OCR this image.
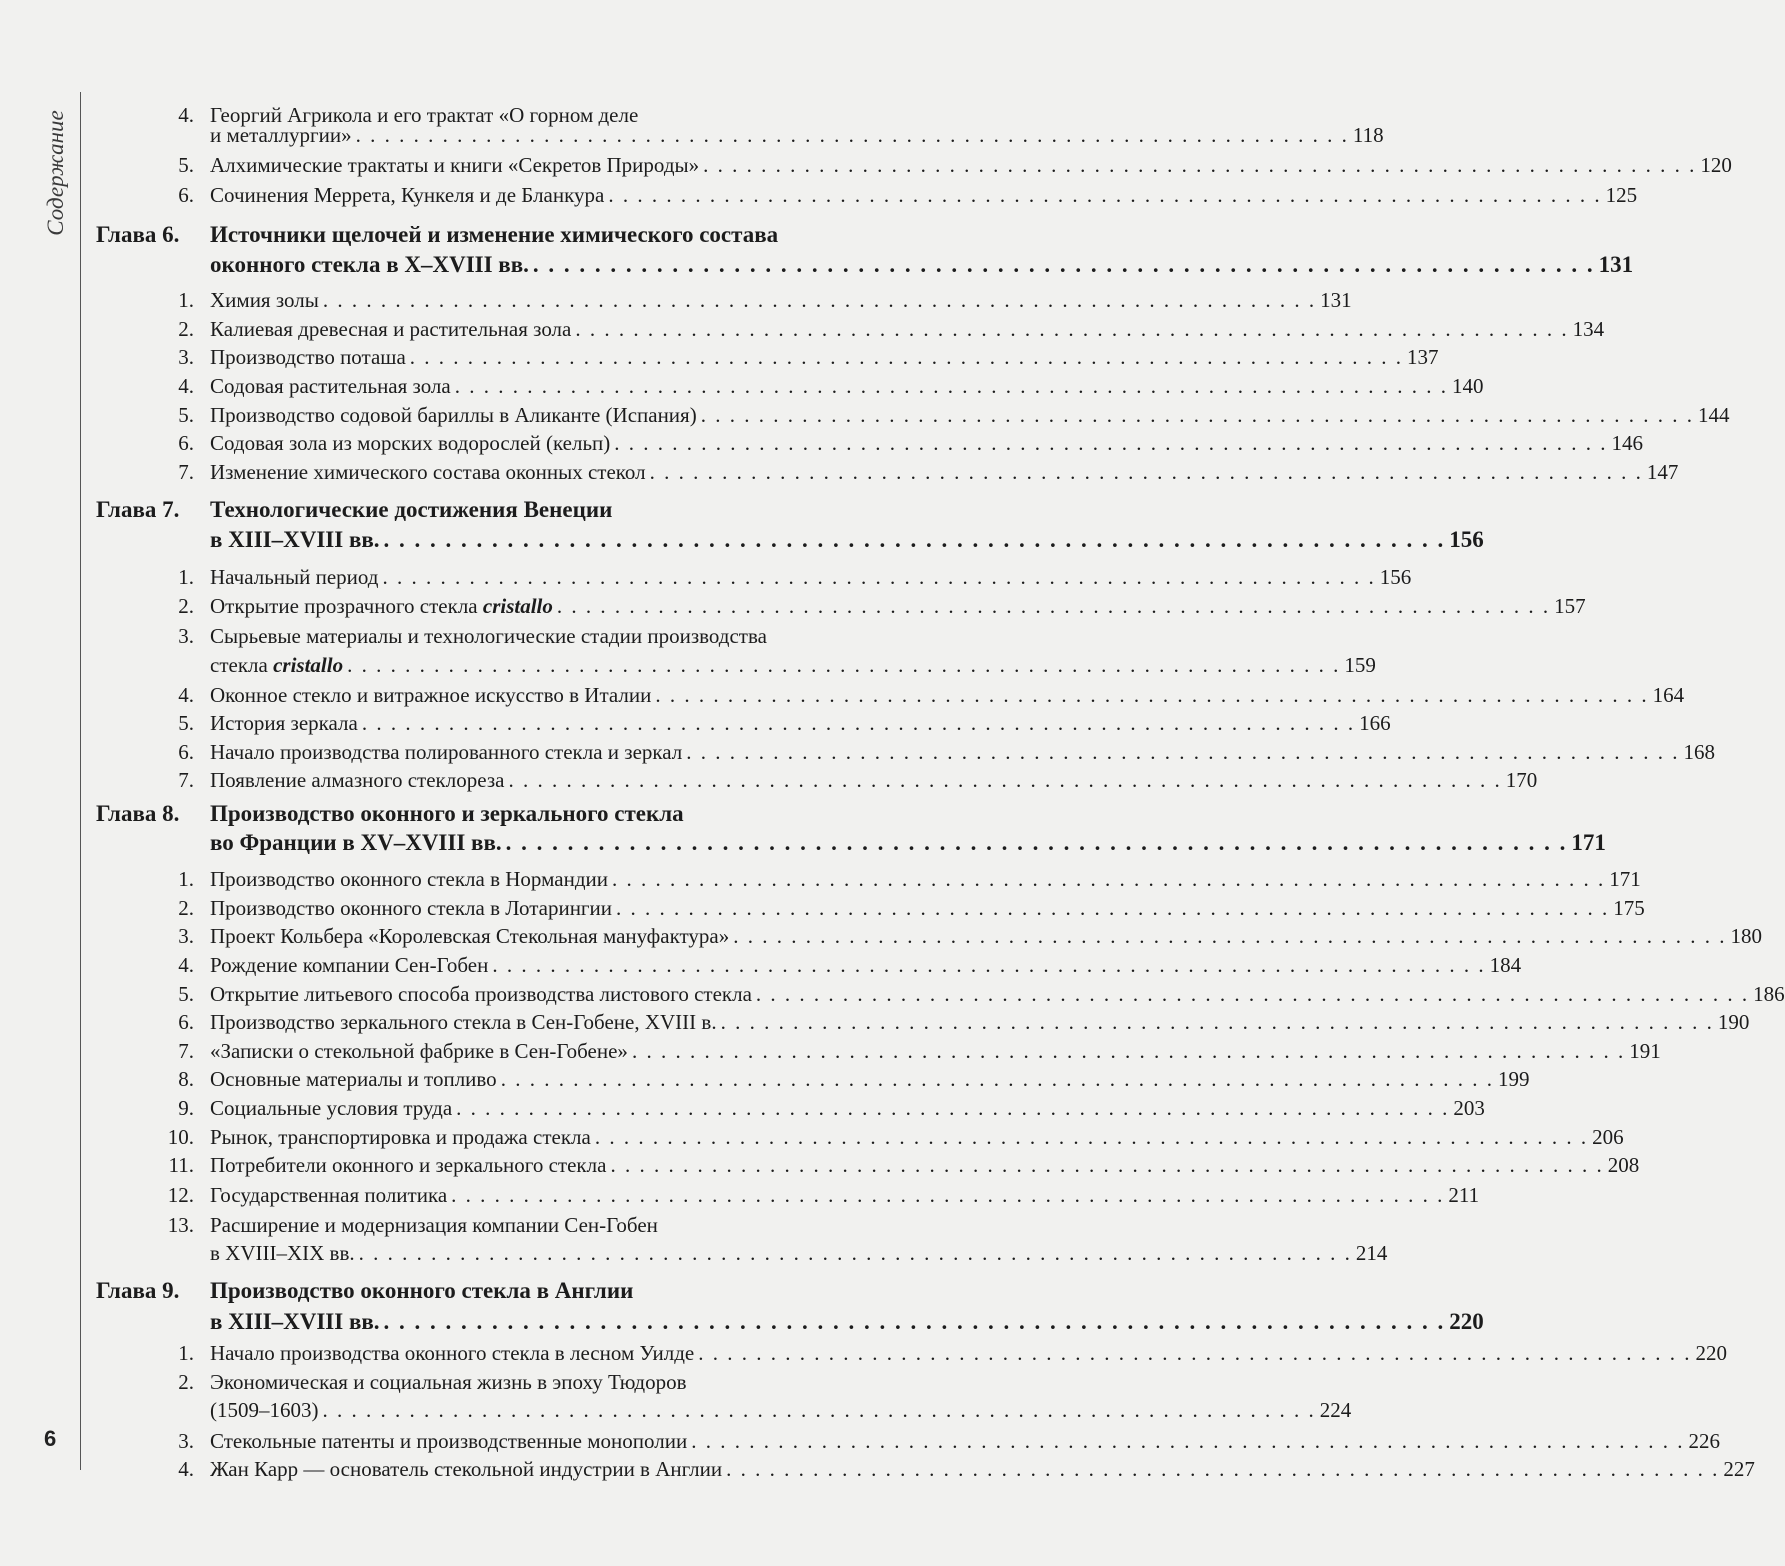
Содержание
6
4. Георгий Агрикола и его трактат «О горном деле
и металлургии» . . . . . . . . . . . . . . . . . . . . . . . . . . . . . . . . . . . . . . . . . . . . . . . . . . . . . . . . . . . . . . . . . . . . . 118
5. Алхимические трактаты и книги «Секретов Природы» . . . . . . . . . . . . . . . . . . . . . . . . . . . . . . . . . . . . . . . . . . . . . . . . . . . . . . . . . . . . . . . . . . . . . 120
6. Сочинения Меррета, Кункеля и де Бланкура . . . . . . . . . . . . . . . . . . . . . . . . . . . . . . . . . . . . . . . . . . . . . . . . . . . . . . . . . . . . . . . . . . . . . 125
Глава 6. Источники щелочей и изменение химического состава
оконного стекла в X–XVIII вв. . . . . . . . . . . . . . . . . . . . . . . . . . . . . . . . . . . . . . . . . . . . . . . . . . . . . . . . . . . . . . . . . . . . . . 131
1. Химия золы . . . . . . . . . . . . . . . . . . . . . . . . . . . . . . . . . . . . . . . . . . . . . . . . . . . . . . . . . . . . . . . . . . . . . 131
2. Калиевая древесная и растительная зола . . . . . . . . . . . . . . . . . . . . . . . . . . . . . . . . . . . . . . . . . . . . . . . . . . . . . . . . . . . . . . . . . . . . . 134
3. Производство поташа . . . . . . . . . . . . . . . . . . . . . . . . . . . . . . . . . . . . . . . . . . . . . . . . . . . . . . . . . . . . . . . . . . . . . 137
4. Содовая растительная зола . . . . . . . . . . . . . . . . . . . . . . . . . . . . . . . . . . . . . . . . . . . . . . . . . . . . . . . . . . . . . . . . . . . . . 140
5. Производство содовой бариллы в Аликанте (Испания) . . . . . . . . . . . . . . . . . . . . . . . . . . . . . . . . . . . . . . . . . . . . . . . . . . . . . . . . . . . . . . . . . . . . . 144
6. Содовая зола из морских водорослей (кельп) . . . . . . . . . . . . . . . . . . . . . . . . . . . . . . . . . . . . . . . . . . . . . . . . . . . . . . . . . . . . . . . . . . . . . 146
7. Изменение химического состава оконных стекол . . . . . . . . . . . . . . . . . . . . . . . . . . . . . . . . . . . . . . . . . . . . . . . . . . . . . . . . . . . . . . . . . . . . . 147
Глава 7. Технологические достижения Венеции
в XIII–XVIII вв. . . . . . . . . . . . . . . . . . . . . . . . . . . . . . . . . . . . . . . . . . . . . . . . . . . . . . . . . . . . . . . . . . . . . . 156
1. Начальный период . . . . . . . . . . . . . . . . . . . . . . . . . . . . . . . . . . . . . . . . . . . . . . . . . . . . . . . . . . . . . . . . . . . . . 156
2. Открытие прозрачного стекла cristallo . . . . . . . . . . . . . . . . . . . . . . . . . . . . . . . . . . . . . . . . . . . . . . . . . . . . . . . . . . . . . . . . . . . . . 157
3. Сырьевые материалы и технологические стадии производства
стекла cristallo . . . . . . . . . . . . . . . . . . . . . . . . . . . . . . . . . . . . . . . . . . . . . . . . . . . . . . . . . . . . . . . . . . . . . 159
4. Оконное стекло и витражное искусство в Италии . . . . . . . . . . . . . . . . . . . . . . . . . . . . . . . . . . . . . . . . . . . . . . . . . . . . . . . . . . . . . . . . . . . . . 164
5. История зеркала . . . . . . . . . . . . . . . . . . . . . . . . . . . . . . . . . . . . . . . . . . . . . . . . . . . . . . . . . . . . . . . . . . . . . 166
6. Начало производства полированного стекла и зеркал . . . . . . . . . . . . . . . . . . . . . . . . . . . . . . . . . . . . . . . . . . . . . . . . . . . . . . . . . . . . . . . . . . . . . 168
7. Появление алмазного стеклореза . . . . . . . . . . . . . . . . . . . . . . . . . . . . . . . . . . . . . . . . . . . . . . . . . . . . . . . . . . . . . . . . . . . . . 170
Глава 8. Производство оконного и зеркального стекла
во Франции в XV–XVIII вв. . . . . . . . . . . . . . . . . . . . . . . . . . . . . . . . . . . . . . . . . . . . . . . . . . . . . . . . . . . . . . . . . . . . . . 171
1. Производство оконного стекла в Нормандии . . . . . . . . . . . . . . . . . . . . . . . . . . . . . . . . . . . . . . . . . . . . . . . . . . . . . . . . . . . . . . . . . . . . . 171
2. Производство оконного стекла в Лотарингии . . . . . . . . . . . . . . . . . . . . . . . . . . . . . . . . . . . . . . . . . . . . . . . . . . . . . . . . . . . . . . . . . . . . . 175
3. Проект Кольбера «Королевская Стекольная мануфактура» . . . . . . . . . . . . . . . . . . . . . . . . . . . . . . . . . . . . . . . . . . . . . . . . . . . . . . . . . . . . . . . . . . . . . 180
4. Рождение компании Сен-Гобен . . . . . . . . . . . . . . . . . . . . . . . . . . . . . . . . . . . . . . . . . . . . . . . . . . . . . . . . . . . . . . . . . . . . . 184
5. Открытие литьевого способа производства листового стекла . . . . . . . . . . . . . . . . . . . . . . . . . . . . . . . . . . . . . . . . . . . . . . . . . . . . . . . . . . . . . . . . . . . . . 186
6. Производство зеркального стекла в Сен-Гобене, XVIII в. . . . . . . . . . . . . . . . . . . . . . . . . . . . . . . . . . . . . . . . . . . . . . . . . . . . . . . . . . . . . . . . . . . . . . 190
7. «Записки о стекольной фабрике в Сен-Гобене» . . . . . . . . . . . . . . . . . . . . . . . . . . . . . . . . . . . . . . . . . . . . . . . . . . . . . . . . . . . . . . . . . . . . . 191
8. Основные материалы и топливо . . . . . . . . . . . . . . . . . . . . . . . . . . . . . . . . . . . . . . . . . . . . . . . . . . . . . . . . . . . . . . . . . . . . . 199
9. Социальные условия труда . . . . . . . . . . . . . . . . . . . . . . . . . . . . . . . . . . . . . . . . . . . . . . . . . . . . . . . . . . . . . . . . . . . . . 203
10. Рынок, транспортировка и продажа стекла . . . . . . . . . . . . . . . . . . . . . . . . . . . . . . . . . . . . . . . . . . . . . . . . . . . . . . . . . . . . . . . . . . . . . 206
11. Потребители оконного и зеркального стекла . . . . . . . . . . . . . . . . . . . . . . . . . . . . . . . . . . . . . . . . . . . . . . . . . . . . . . . . . . . . . . . . . . . . . 208
12. Государственная политика . . . . . . . . . . . . . . . . . . . . . . . . . . . . . . . . . . . . . . . . . . . . . . . . . . . . . . . . . . . . . . . . . . . . . 211
13. Расширение и модернизация компании Сен-Гобен
в XVIII–XIX вв. . . . . . . . . . . . . . . . . . . . . . . . . . . . . . . . . . . . . . . . . . . . . . . . . . . . . . . . . . . . . . . . . . . . . . 214
Глава 9. Производство оконного стекла в Англии
в XIII–XVIII вв. . . . . . . . . . . . . . . . . . . . . . . . . . . . . . . . . . . . . . . . . . . . . . . . . . . . . . . . . . . . . . . . . . . . . . 220
1. Начало производства оконного стекла в лесном Уилде . . . . . . . . . . . . . . . . . . . . . . . . . . . . . . . . . . . . . . . . . . . . . . . . . . . . . . . . . . . . . . . . . . . . . 220
2. Экономическая и социальная жизнь в эпоху Тюдоров
(1509–1603) . . . . . . . . . . . . . . . . . . . . . . . . . . . . . . . . . . . . . . . . . . . . . . . . . . . . . . . . . . . . . . . . . . . . . 224
3. Стекольные патенты и производственные монополии . . . . . . . . . . . . . . . . . . . . . . . . . . . . . . . . . . . . . . . . . . . . . . . . . . . . . . . . . . . . . . . . . . . . . 226
4. Жан Карр — основатель стекольной индустрии в Англии . . . . . . . . . . . . . . . . . . . . . . . . . . . . . . . . . . . . . . . . . . . . . . . . . . . . . . . . . . . . . . . . . . . . . 227
